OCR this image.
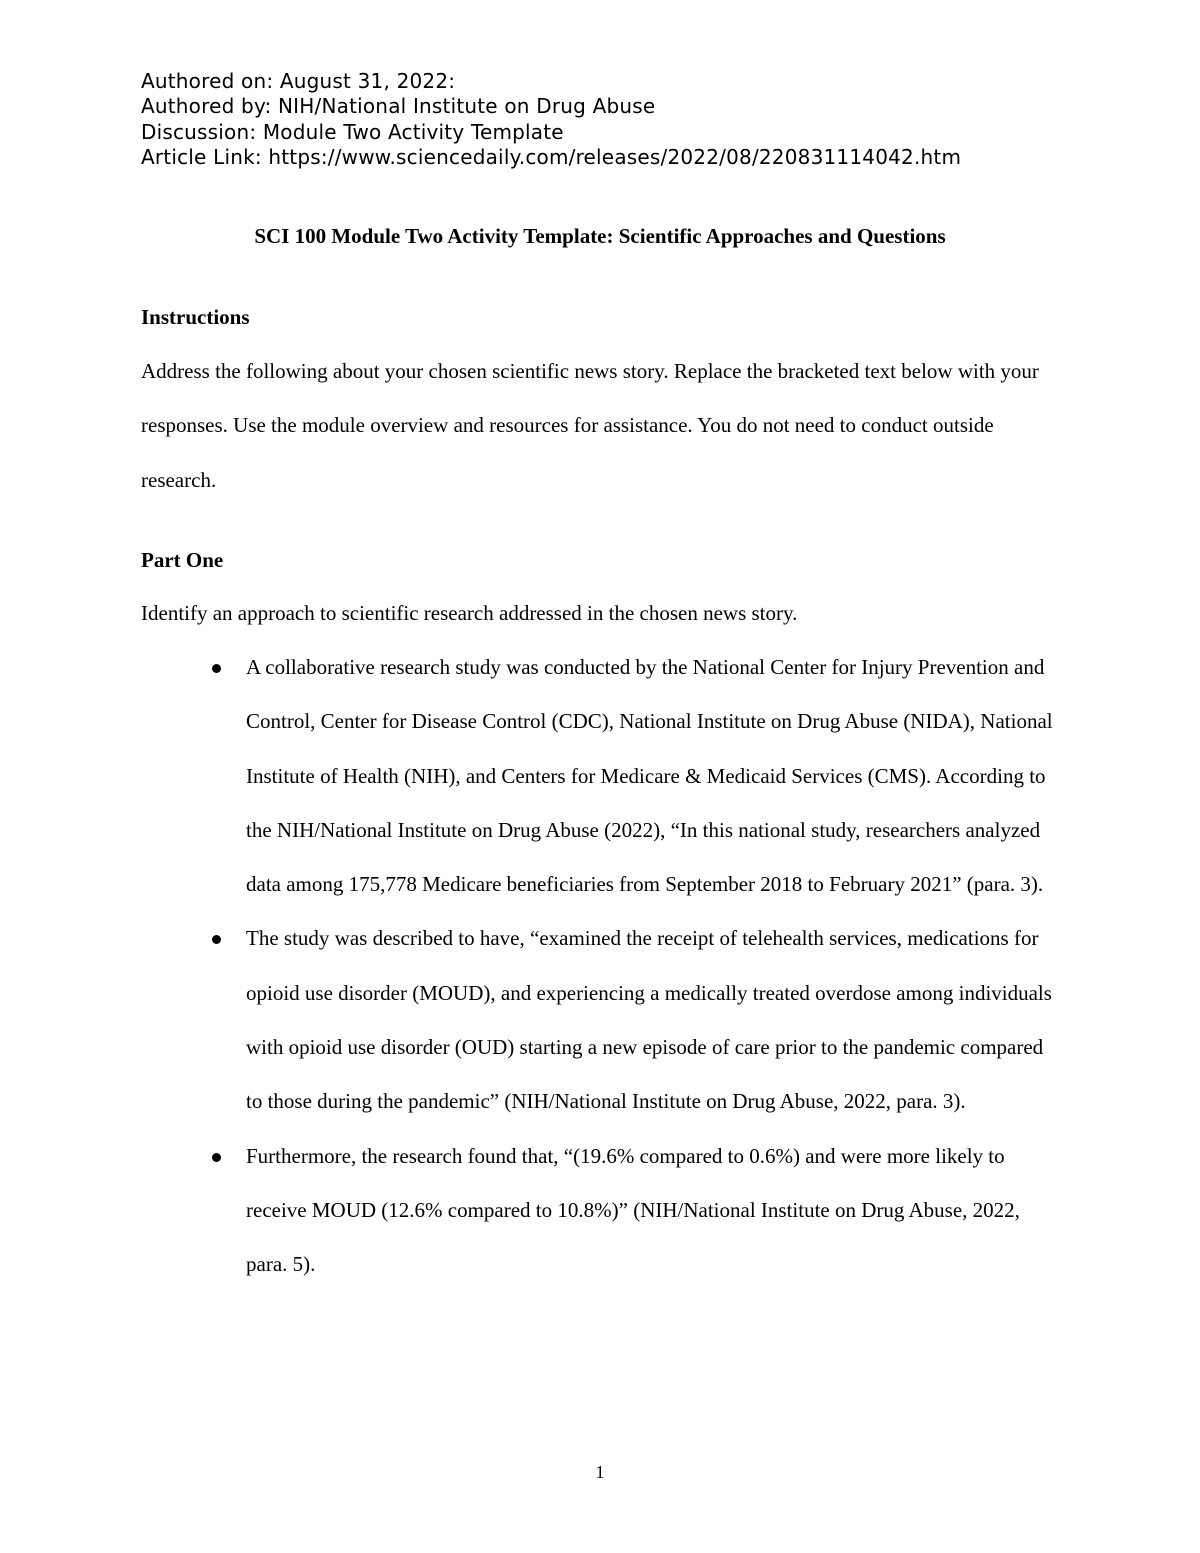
Authored on: August 31, 2022:
Authored by: NIH/National Institute on Drug Abuse
Discussion: Module Two Activity Template
Article Link: https://www.sciencedaily.com/releases/2022/08/220831114042.htm
SCI 100 Module Two Activity Template: Scientific Approaches and Questions
Instructions
Address the following about your chosen scientific news story. Replace the bracketed text below with your responses. Use the module overview and resources for assistance. You do not need to conduct outside research.
Part One
Identify an approach to scientific research addressed in the chosen news story.
A collaborative research study was conducted by the National Center for Injury Prevention and Control, Center for Disease Control (CDC), National Institute on Drug Abuse (NIDA), National Institute of Health (NIH), and Centers for Medicare & Medicaid Services (CMS). According to the NIH/National Institute on Drug Abuse (2022), “In this national study, researchers analyzed data among 175,778 Medicare beneficiaries from September 2018 to February 2021” (para. 3).
The study was described to have, “examined the receipt of telehealth services, medications for opioid use disorder (MOUD), and experiencing a medically treated overdose among individuals with opioid use disorder (OUD) starting a new episode of care prior to the pandemic compared to those during the pandemic” (NIH/National Institute on Drug Abuse, 2022, para. 3).
Furthermore, the research found that, “(19.6% compared to 0.6%) and were more likely to receive MOUD (12.6% compared to 10.8%)” (NIH/National Institute on Drug Abuse, 2022, para. 5).
1
